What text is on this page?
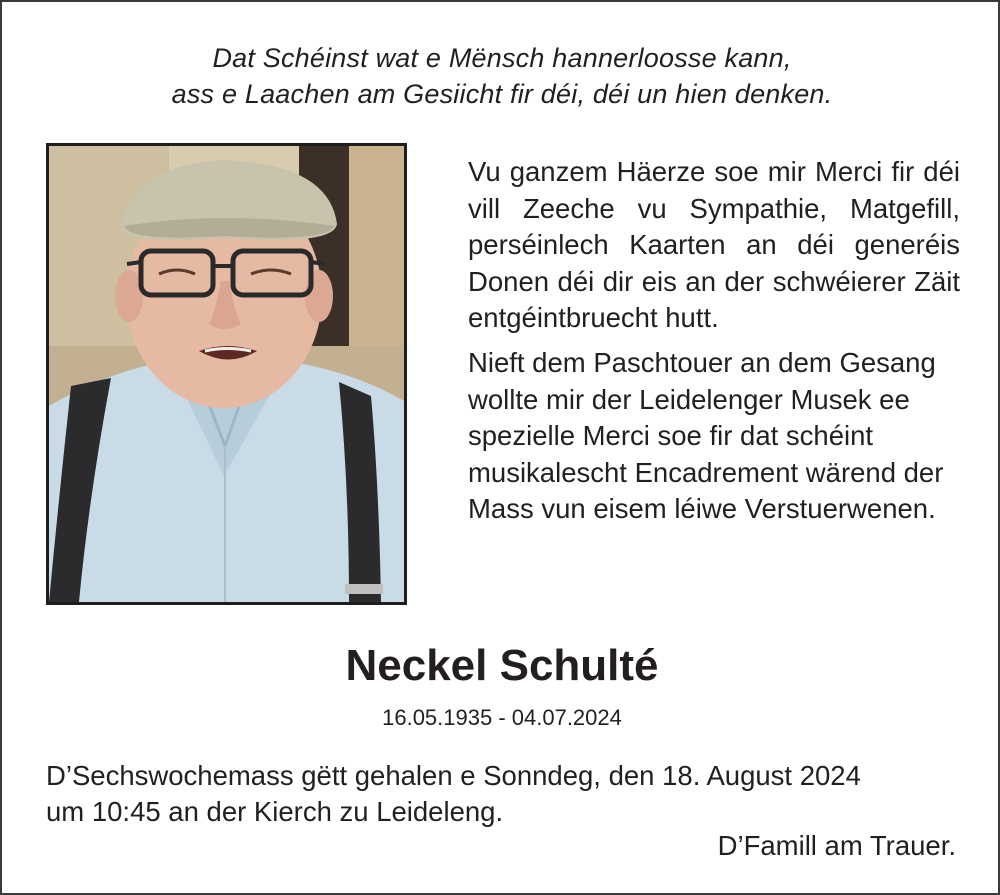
Dat Schéinst wat e Mënsch hannerloosse kann,
ass e Laachen am Gesiicht fir déi, déi un hien denken.

Vu ganzem Häerze soe mir Merci fir déi vill Zeeche vu Sympathie, Matgefill, perséinlech Kaarten an déi generéis Donen déi dir eis an der schwéierer Zäit entgéintbruecht hutt.

Nieft dem Paschtouer an dem Gesang wollte mir der Leidelenger Musek ee spezielle Merci soe fir dat schéint musikalescht Encadrement wärend der Mass vun eisem léiwe Verstuerwenen.

Neckel Schulté
16.05.1935 - 04.07.2024
D’Sechswochemass gëtt gehalen e Sonndeg, den 18. August 2024
um 10:45 an der Kierch zu Leideleng.
D’Famill am Trauer.
